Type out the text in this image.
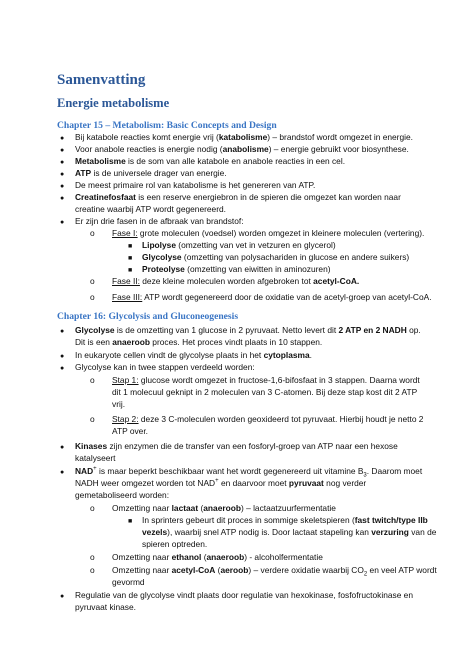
Samenvatting
Energie metabolisme
Chapter 15 – Metabolism: Basic Concepts and Design
● Bij katabole reacties komt energie vrij (katabolisme) – brandstof wordt omgezet in energie.
● Voor anabole reacties is energie nodig (anabolisme) – energie gebruikt voor biosynthese.
● Metabolisme is de som van alle katabole en anabole reacties in een cel.
● ATP is de universele drager van energie.
● De meest primaire rol van katabolisme is het genereren van ATP.
● Creatinefosfaat is een reserve energiebron in de spieren die omgezet kan worden naar
creatine waarbij ATP wordt gegenereerd.
● Er zijn drie fasen in de afbraak van brandstof:
o Fase I: grote moleculen (voedsel) worden omgezet in kleinere moleculen (vertering).
■ Lipolyse (omzetting van vet in vetzuren en glycerol)
■ Glycolyse (omzetting van polysachariden in glucose en andere suikers)
■ Proteolyse (omzetting van eiwitten in aminozuren)
o Fase II: deze kleine moleculen worden afgebroken tot acetyl-CoA.
o Fase III: ATP wordt gegenereerd door de oxidatie van de acetyl-groep van acetyl-CoA.
Chapter 16: Glycolysis and Gluconeogenesis
● Glycolyse is de omzetting van 1 glucose in 2 pyruvaat. Netto levert dit 2 ATP en 2 NADH op.
Dit is een anaeroob proces. Het proces vindt plaats in 10 stappen.
● In eukaryote cellen vindt de glycolyse plaats in het cytoplasma.
● Glycolyse kan in twee stappen verdeeld worden:
o Stap 1: glucose wordt omgezet in fructose-1,6-bifosfaat in 3 stappen. Daarna wordt
dit 1 molecuul geknipt in 2 moleculen van 3 C-atomen. Bij deze stap kost dit 2 ATP
vrij.
o Stap 2: deze 3 C-moleculen worden geoxideerd tot pyruvaat. Hierbij houdt je netto 2
ATP over.
● Kinases zijn enzymen die de transfer van een fosforyl-groep van ATP naar een hexose
katalyseert
● NAD+ is maar beperkt beschikbaar want het wordt gegenereerd uit vitamine $B_3$. Daarom moet
NADH weer omgezet worden tot NAD+ en daarvoor moet pyruvaat nog verder
gemetaboliseerd worden:
o Omzetting naar lactaat (anaeroob) – lactaatzuurfermentatie
■ In sprinters gebeurt dit proces in sommige skeletspieren (fast twitch/type IIb
vezels), waarbij snel ATP nodig is. Door lactaat stapeling kan verzuring van de
spieren optreden.
o Omzetting naar ethanol (anaeroob) - alcoholfermentatie
o Omzetting naar acetyl-CoA (aeroob) – verdere oxidatie waarbij $CO_2$ en veel ATP wordt
gevormd
● Regulatie van de glycolyse vindt plaats door regulatie van hexokinase, fosfofructokinase en
pyruvaat kinase.
